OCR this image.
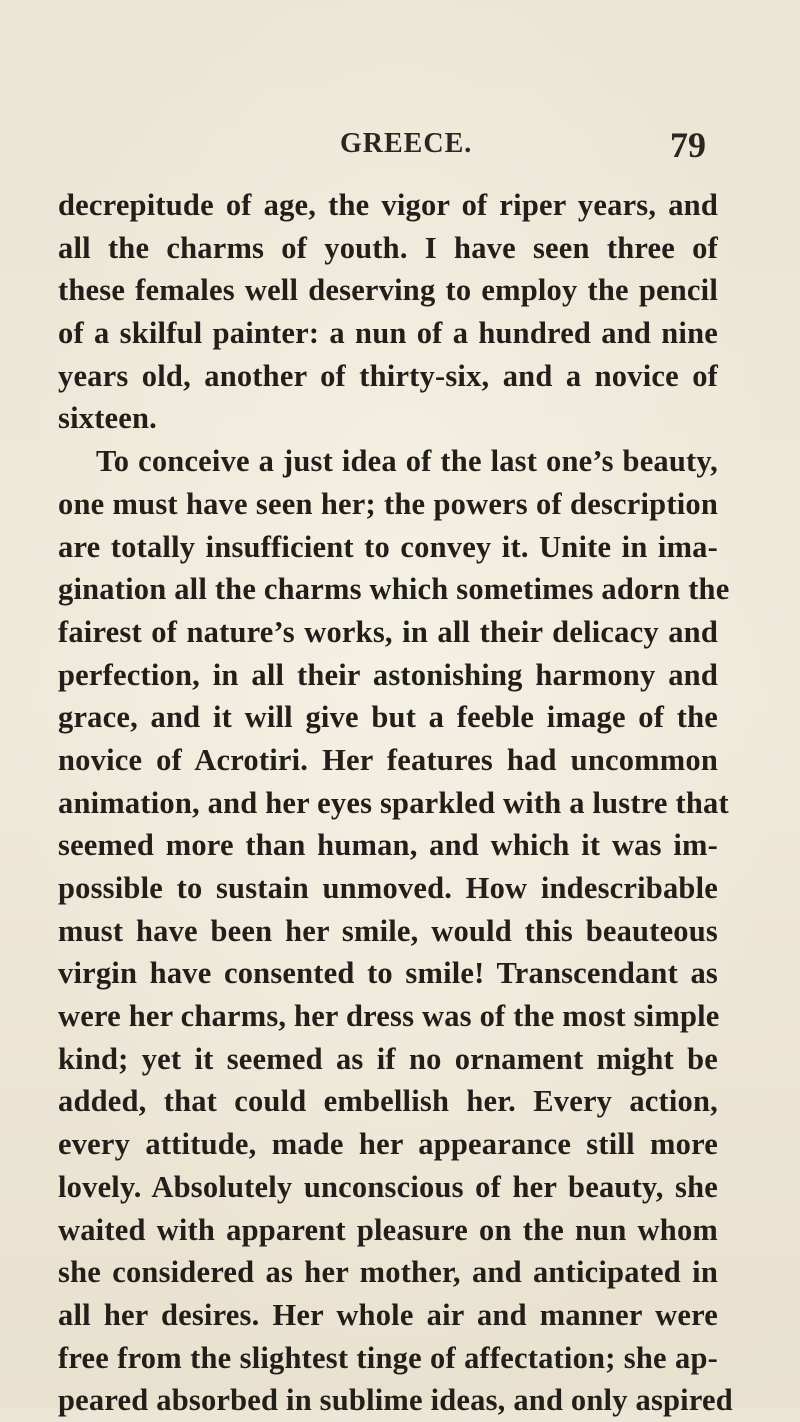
GREECE.	79
decrepitude of age, the vigor of riper years, and
all the charms of youth. I have seen three of
these females well deserving to employ the pencil
of a skilful painter: a nun of a hundred and nine
years old, another of thirty-six, and a novice of
sixteen.
To conceive a just idea of the last one’s beauty,
one must have seen her; the powers of description
are totally insufficient to convey it. Unite in ima-
gination all the charms which sometimes adorn the
fairest of nature’s works, in all their delicacy and
perfection, in all their astonishing harmony and
grace, and it will give but a feeble image of the
novice of Acrotiri. Her features had uncommon
animation, and her eyes sparkled with a lustre that
seemed more than human, and which it was im-
possible to sustain unmoved. How indescribable
must have been her smile, would this beauteous
virgin have consented to smile! Transcendant as
were her charms, her dress was of the most simple
kind; yet it seemed as if no ornament might be
added, that could embellish her. Every action,
every attitude, made her appearance still more
lovely. Absolutely unconscious of her beauty, she
waited with apparent pleasure on the nun whom
she considered as her mother, and anticipated in
all her desires. Her whole air and manner were
free from the slightest tinge of affectation; she ap-
peared absorbed in sublime ideas, and only aspired
